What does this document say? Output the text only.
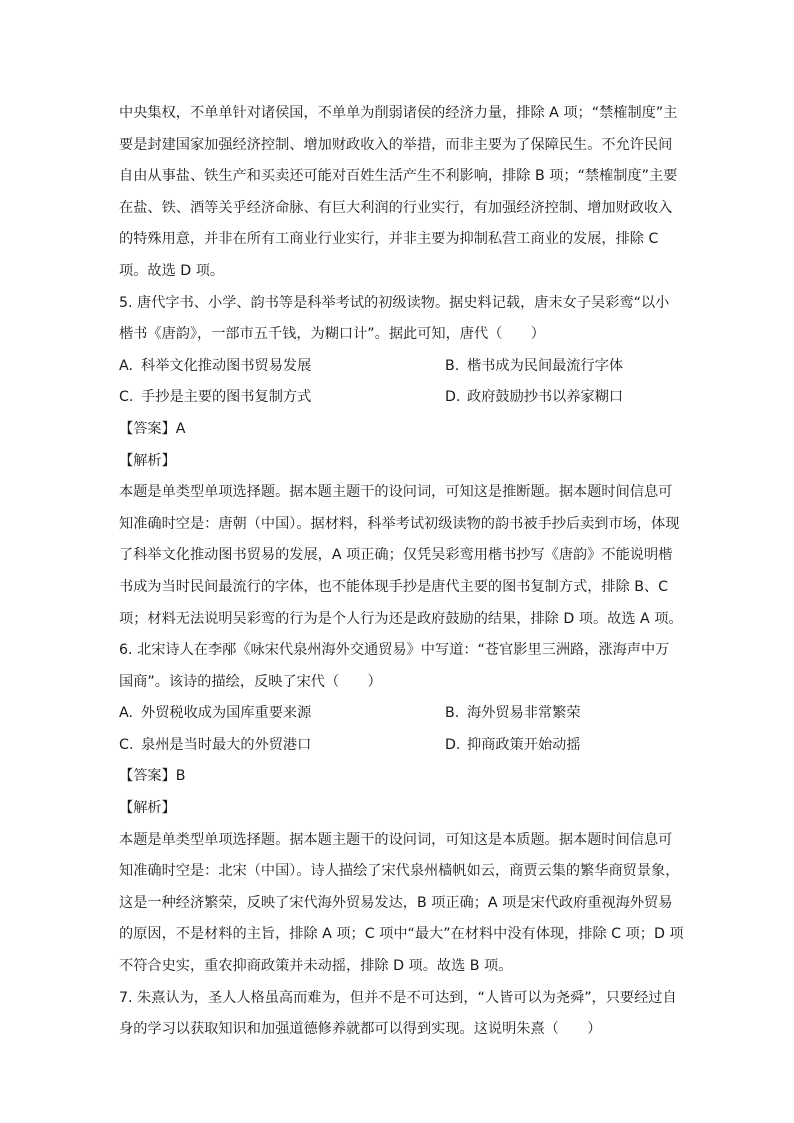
中央集权，不单单针对诸侯国，不单单为削弱诸侯的经济力量，排除 A 项；“禁榷制度”主
要是封建国家加强经济控制、增加财政收入的举措，而非主要为了保障民生。不允许民间
自由从事盐、铁生产和买卖还可能对百姓生活产生不利影响，排除 B 项；“禁榷制度”主要
在盐、铁、酒等关乎经济命脉、有巨大利润的行业实行，有加强经济控制、增加财政收入
的特殊用意，并非在所有工商业行业实行，并非主要为抑制私营工商业的发展，排除 C
项。故选 D 项。
5. 唐代字书、小学、韵书等是科举考试的初级读物。据史料记载，唐末女子吴彩鸾“以小
楷书《唐韵》，一部市五千钱，为糊口计”。据此可知，唐代（　　）
A. 科举文化推动图书贸易发展	B. 楷书成为民间最流行字体
C. 手抄是主要的图书复制方式	D. 政府鼓励抄书以养家糊口
【答案】A
【解析】
本题是单类型单项选择题。据本题主题干的设问词，可知这是推断题。据本题时间信息可
知准确时空是：唐朝（中国）。据材料，科举考试初级读物的韵书被手抄后卖到市场，体现
了科举文化推动图书贸易的发展，A 项正确；仅凭吴彩鸾用楷书抄写《唐韵》不能说明楷
书成为当时民间最流行的字体，也不能体现手抄是唐代主要的图书复制方式，排除 B、C
项；材料无法说明吴彩鸾的行为是个人行为还是政府鼓励的结果，排除 D 项。故选 A 项。
6. 北宋诗人在李邴《咏宋代泉州海外交通贸易》中写道：“苍官影里三洲路，涨海声中万
国商”。该诗的描绘，反映了宋代（　　）
A. 外贸税收成为国库重要来源	B. 海外贸易非常繁荣
C. 泉州是当时最大的外贸港口	D. 抑商政策开始动摇
【答案】B
【解析】
本题是单类型单项选择题。据本题主题干的设问词，可知这是本质题。据本题时间信息可
知准确时空是：北宋（中国）。诗人描绘了宋代泉州樯帆如云，商贾云集的繁华商贸景象，
这是一种经济繁荣，反映了宋代海外贸易发达，B 项正确；A 项是宋代政府重视海外贸易
的原因，不是材料的主旨，排除 A 项；C 项中“最大”在材料中没有体现，排除 C 项；D 项
不符合史实，重农抑商政策并未动摇，排除 D 项。故选 B 项。
7. 朱熹认为，圣人人格虽高而难为，但并不是不可达到，“人皆可以为尧舜”，只要经过自
身的学习以获取知识和加强道德修养就都可以得到实现。这说明朱熹（　　）
